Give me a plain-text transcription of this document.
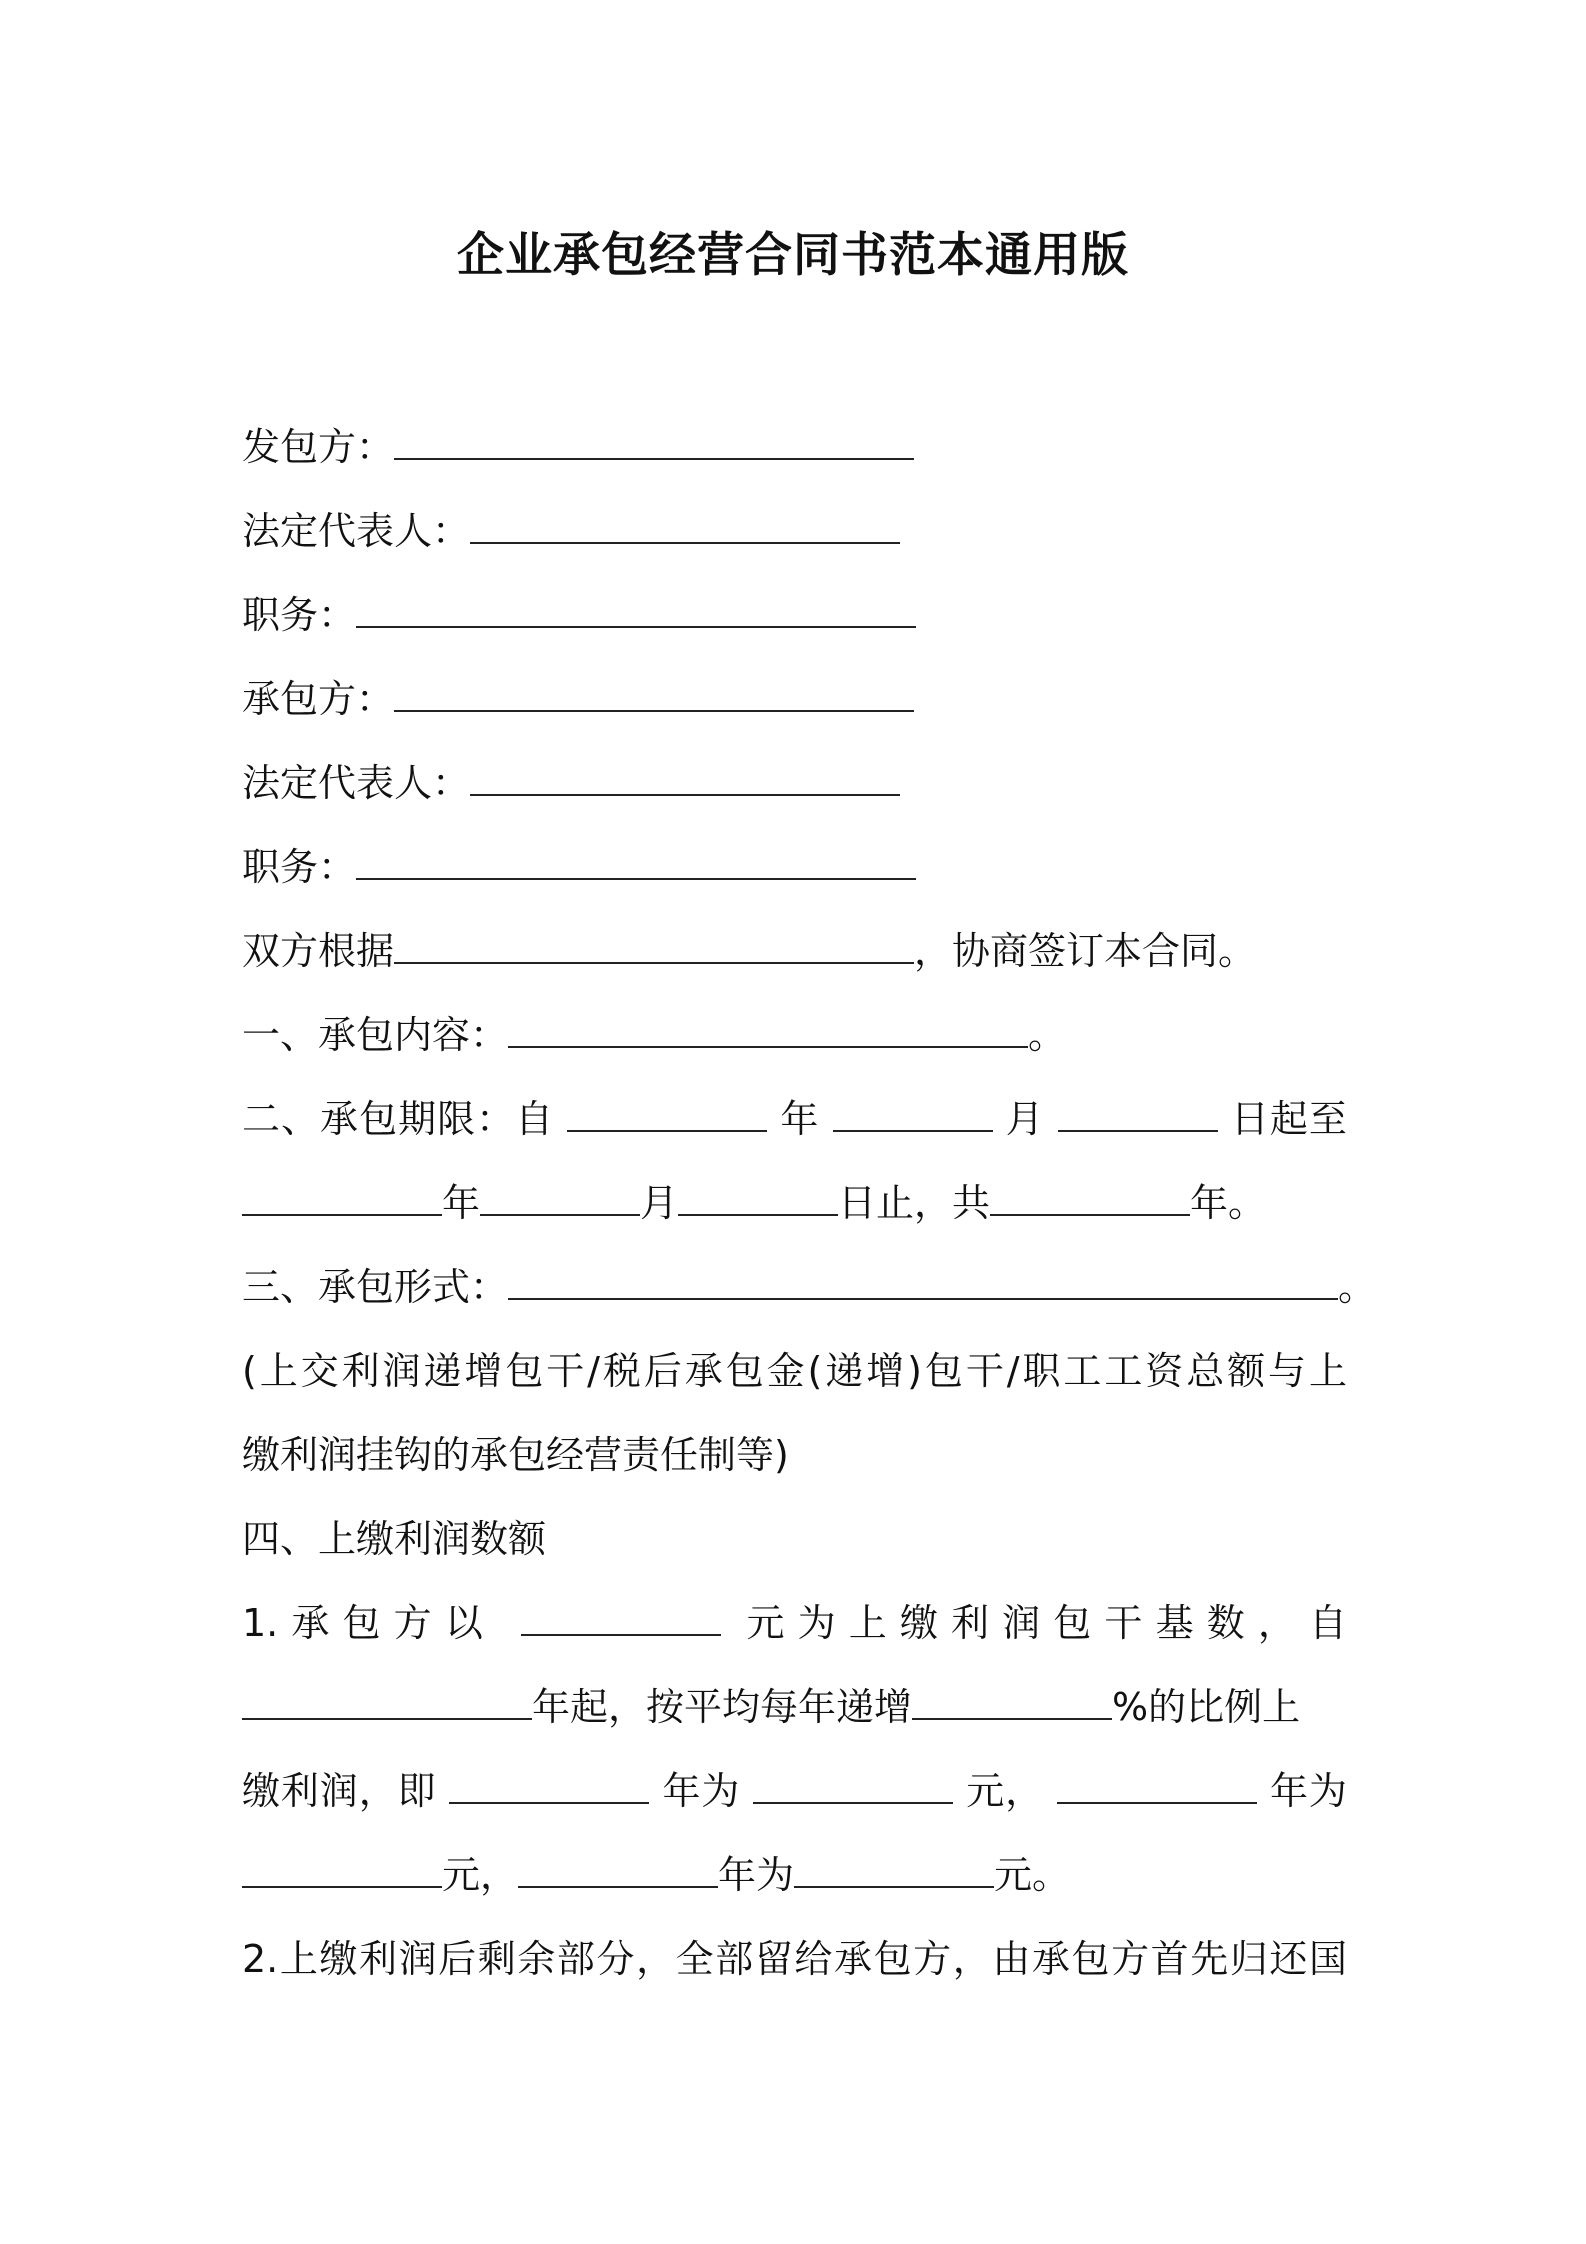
企业承包经营合同书范本通用版
发包方：
法定代表人：
职务：
承包方：
法定代表人：
职务：
双方根据	，协商签订本合同。
一、承包内容：	。
二、承包期限：自	年	月	日起至
年	月	日止，共	年。
三、承包形式：	。
(上交利润递增包干/税后承包金(递增)包干/职工工资总额与上
缴利润挂钩的承包经营责任制等)
四、上缴利润数额
1.承包方以	元为上缴利润包干基数，自
年起，按平均每年递增	%的比例上
缴利润，即	年为	元，	年为
元，	年为	元。
2.上缴利润后剩余部分，全部留给承包方，由承包方首先归还国
